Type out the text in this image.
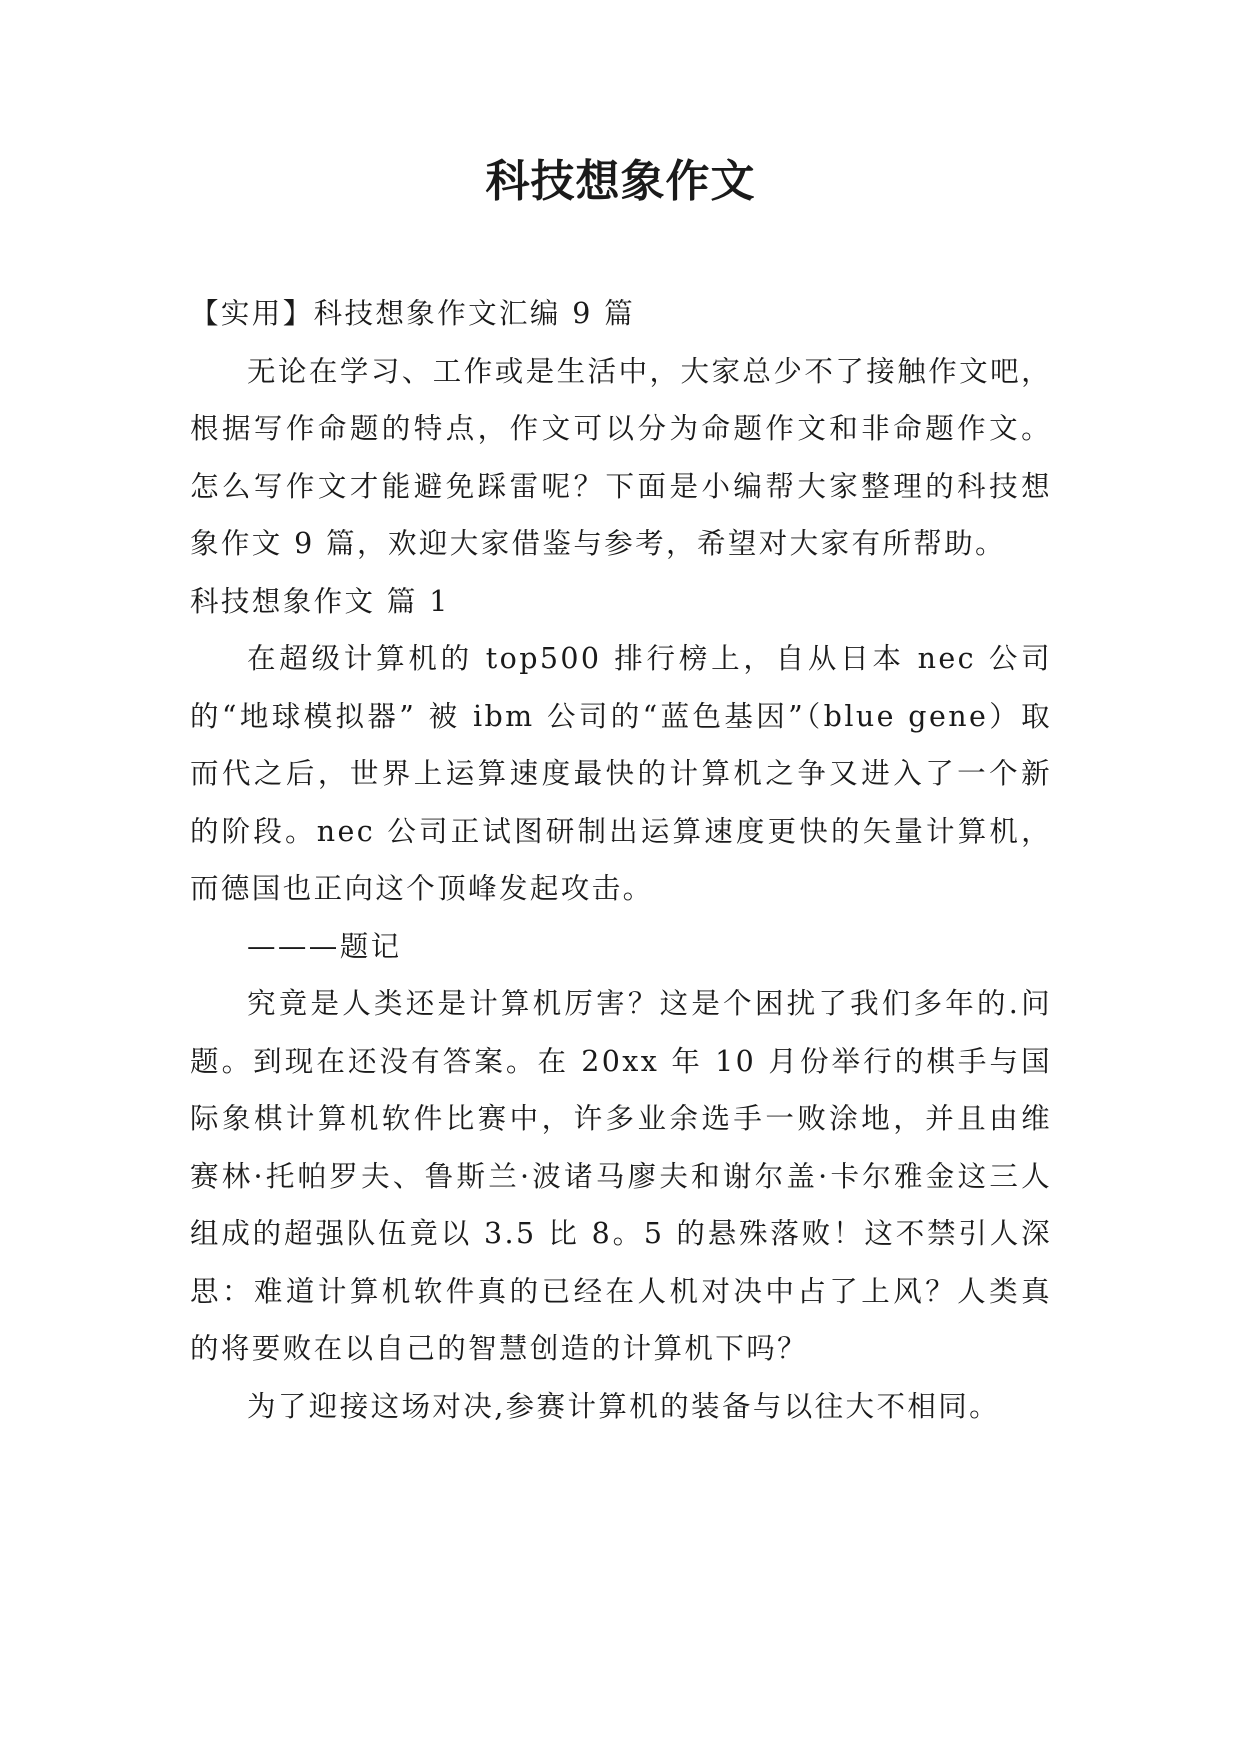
科技想象作文

【实用】科技想象作文汇编 9 篇

无论在学习、工作或是生活中，大家总少不了接触作文吧，根据写作命题的特点，作文可以分为命题作文和非命题作文。怎么写作文才能避免踩雷呢？下面是小编帮大家整理的科技想象作文 9 篇，欢迎大家借鉴与参考，希望对大家有所帮助。

科技想象作文 篇 1

在超级计算机的 top500 排行榜上，自从日本 nec 公司的“地球模拟器” 被 ibm 公司的“蓝色基因”（blue gene）取而代之后，世界上运算速度最快的计算机之争又进入了一个新的阶段。nec 公司正试图研制出运算速度更快的矢量计算机，而德国也正向这个顶峰发起攻击。

———题记

究竟是人类还是计算机厉害？这是个困扰了我们多年的.问题。到现在还没有答案。在 20xx 年 10 月份举行的棋手与国际象棋计算机软件比赛中，许多业余选手一败涂地，并且由维赛林·托帕罗夫、鲁斯兰·波诸马廖夫和谢尔盖·卡尔雅金这三人组成的超强队伍竟以 3.5 比 8。5 的悬殊落败！这不禁引人深思：难道计算机软件真的已经在人机对决中占了上风？人类真的将要败在以自己的智慧创造的计算机下吗？

为了迎接这场对决,参赛计算机的装备与以往大不相同。
